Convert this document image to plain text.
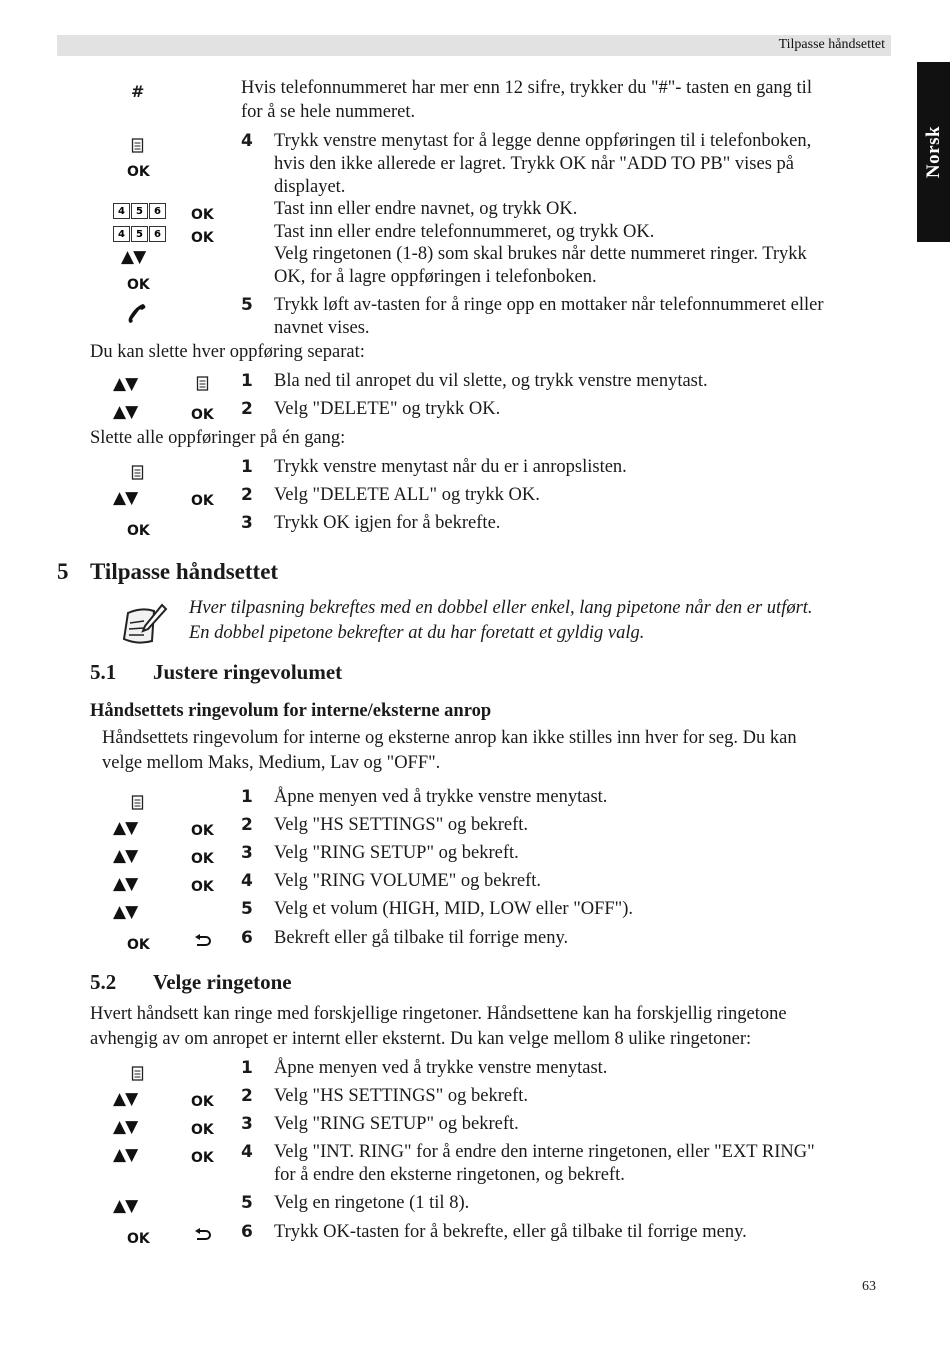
Tilpasse håndsettet
Norsk
#	Hvis telefonnummeret har mer enn 12 sifre, trykker du "#"- tasten en gang til
for å se hele nummeret.
4 Trykk venstre menytast for å legge denne oppføringen til i telefonboken,
OK	hvis den ikke allerede er lagret. Trykk OK når "ADD TO PB" vises på
displayet.
4 5 6 OK	Tast inn eller endre navnet, og trykk OK.
4 5 6 OK	Tast inn eller endre telefonnummeret, og trykk OK.
▲▼	Velg ringetonen (1-8) som skal brukes når dette nummeret ringer. Trykk
OK	OK, for å lagre oppføringen i telefonboken.
5 Trykk løft av-tasten for å ringe opp en mottaker når telefonnummeret eller
navnet vises.
Du kan slette hver oppføring separat:
▲▼	1 Bla ned til anropet du vil slette, og trykk venstre menytast.
▲▼	OK 2 Velg "DELETE" og trykk OK.
Slette alle oppføringer på én gang:
1 Trykk venstre menytast når du er i anropslisten.
▲▼	OK 2 Velg "DELETE ALL" og trykk OK.
OK	3 Trykk OK igjen for å bekrefte.
5 Tilpasse håndsettet
Hver tilpasning bekreftes med en dobbel eller enkel, lang pipetone når den er utført.
En dobbel pipetone bekrefter at du har foretatt et gyldig valg.
5.1 Justere ringevolumet
Håndsettets ringevolum for interne/eksterne anrop
Håndsettets ringevolum for interne og eksterne anrop kan ikke stilles inn hver for seg. Du kan
velge mellom Maks, Medium, Lav og "OFF".
1 Åpne menyen ved å trykke venstre menytast.
▲▼	OK 2 Velg "HS SETTINGS" og bekreft.
▲▼	OK 3 Velg "RING SETUP" og bekreft.
▲▼	OK 4 Velg "RING VOLUME" og bekreft.
▲▼	5 Velg et volum (HIGH, MID, LOW eller "OFF").
OK	6 Bekreft eller gå tilbake til forrige meny.
5.2 Velge ringetone
Hvert håndsett kan ringe med forskjellige ringetoner. Håndsettene kan ha forskjellig ringetone
avhengig av om anropet er internt eller eksternt. Du kan velge mellom 8 ulike ringetoner:
1 Åpne menyen ved å trykke venstre menytast.
▲▼	OK 2 Velg "HS SETTINGS" og bekreft.
▲▼	OK 3 Velg "RING SETUP" og bekreft.
▲▼	OK 4 Velg "INT. RING" for å endre den interne ringetonen, eller "EXT RING"
for å endre den eksterne ringetonen, og bekreft.
▲▼	5 Velg en ringetone (1 til 8).
OK	6 Trykk OK-tasten for å bekrefte, eller gå tilbake til forrige meny.
63
